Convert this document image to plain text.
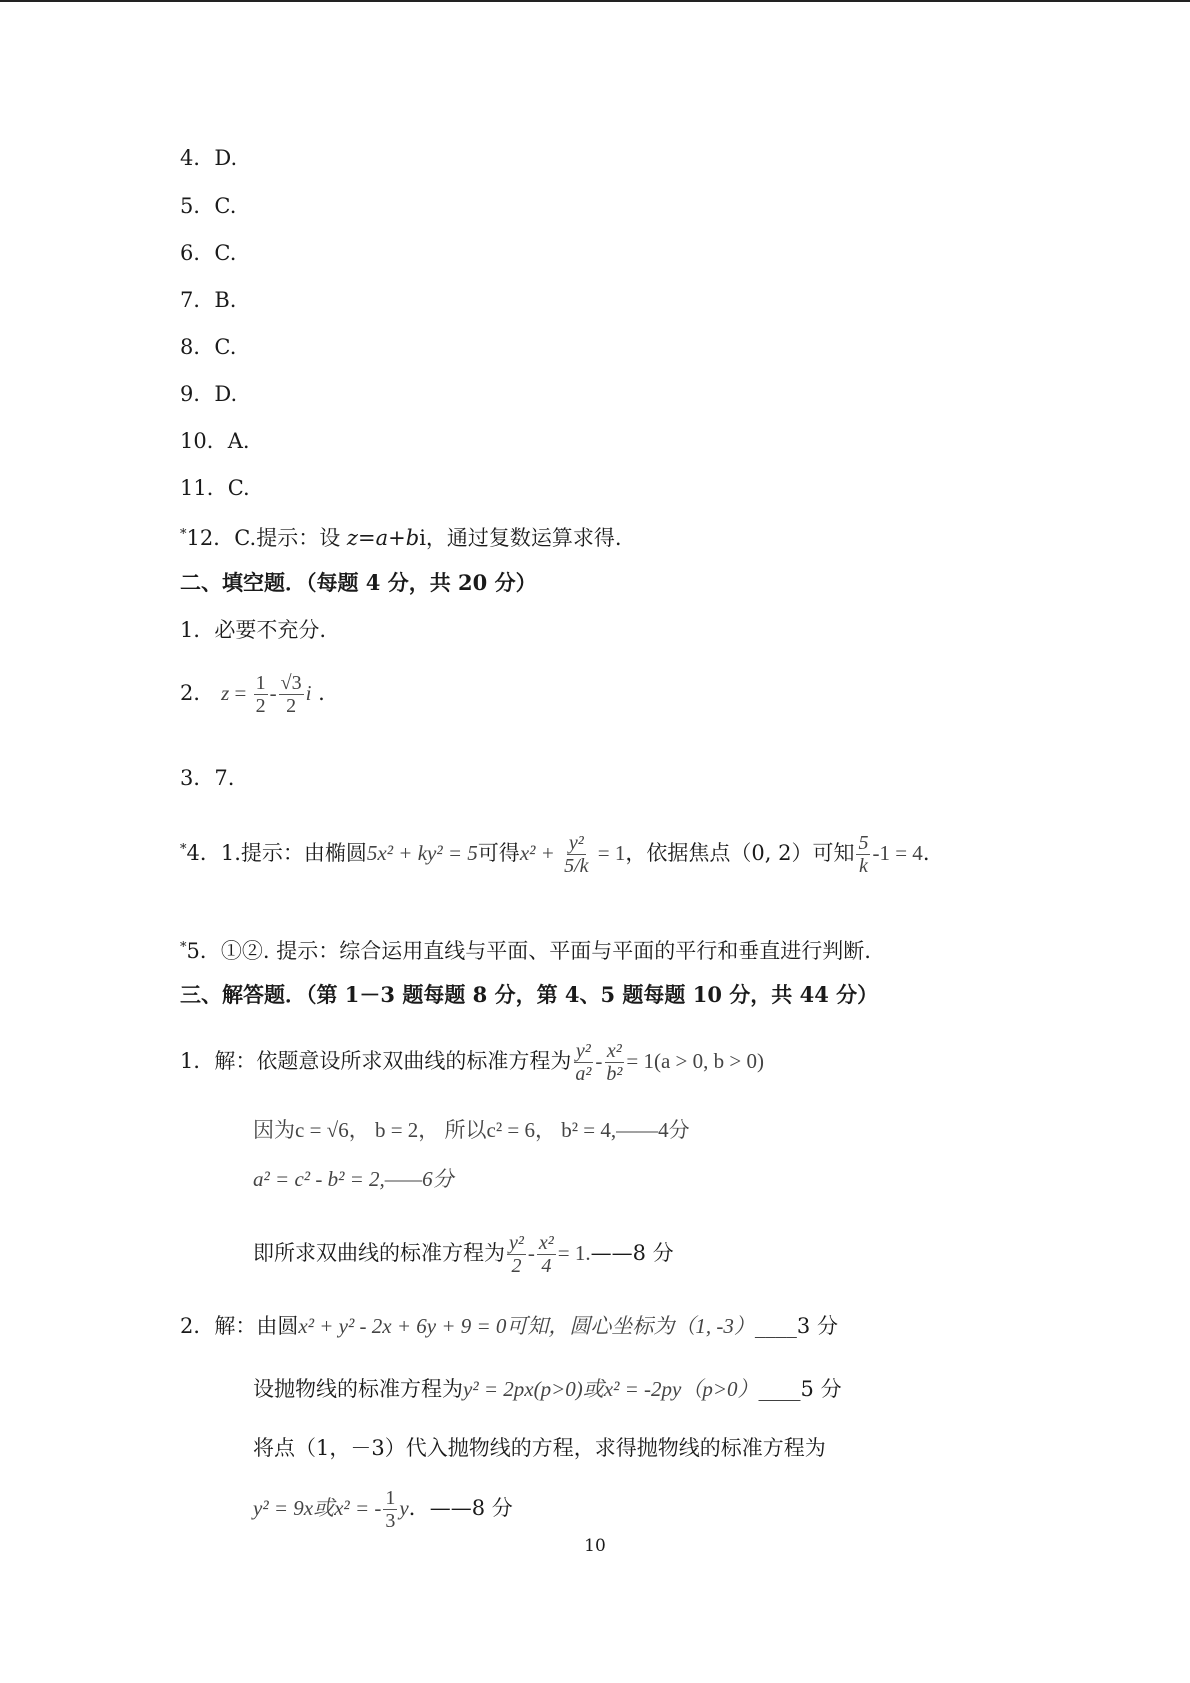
4．D.
5．C.
6．C.
7．B.
8．C.
9．D.
10．A.
11．C.
*12．C.提示：设 z=a+bi，通过复数运算求得.
二、填空题．（每题 4 分，共 20 分）
1．必要不充分.
2． $z = \frac{1}{2} - \frac{√3}{2}$ i .
3．7.
*4．1.提示：由椭圆5x² + ky² = 5可得$x^2 + \frac{\text{y²}}{5/k} = 1$，依据焦点（0, 2）可知 $\frac{5}{k} -1 = 4$.
*5．①②. 提示：综合运用直线与平面、平面与平面的平行和垂直进行判断.
三、解答题．（第 1－3 题每题 8 分，第 4、5 题每题 10 分，共 44 分）
1．解：依题意设所求双曲线的标准方程为 $\frac{\text{y²}}{\text{a²}} - \frac{\text{x²}}{\text{b²}} = 1(a > 0$, b > 0)
因为c = √6， b = 2， 所以c² = 6， b² = 4,——4分
a² = c² - b² = 2,——6分
即所求双曲线的标准方程为 $\frac{\text{y²}}{2} - \frac{\text{x²}}{4}$ = 1.——8 分
2．解：由圆x² + y² - 2x + 6y + 9 = 0可知，圆心坐标为（1, -3）____3 分
设抛物线的标准方程为y² = 2px(p>0)或x² = -2py（p>0）____5 分
将点（1，－3）代入抛物线的方程，求得抛物线的标准方程为
y² = 9x或x² = - $\frac{1}{3}$ y．——8 分
10
